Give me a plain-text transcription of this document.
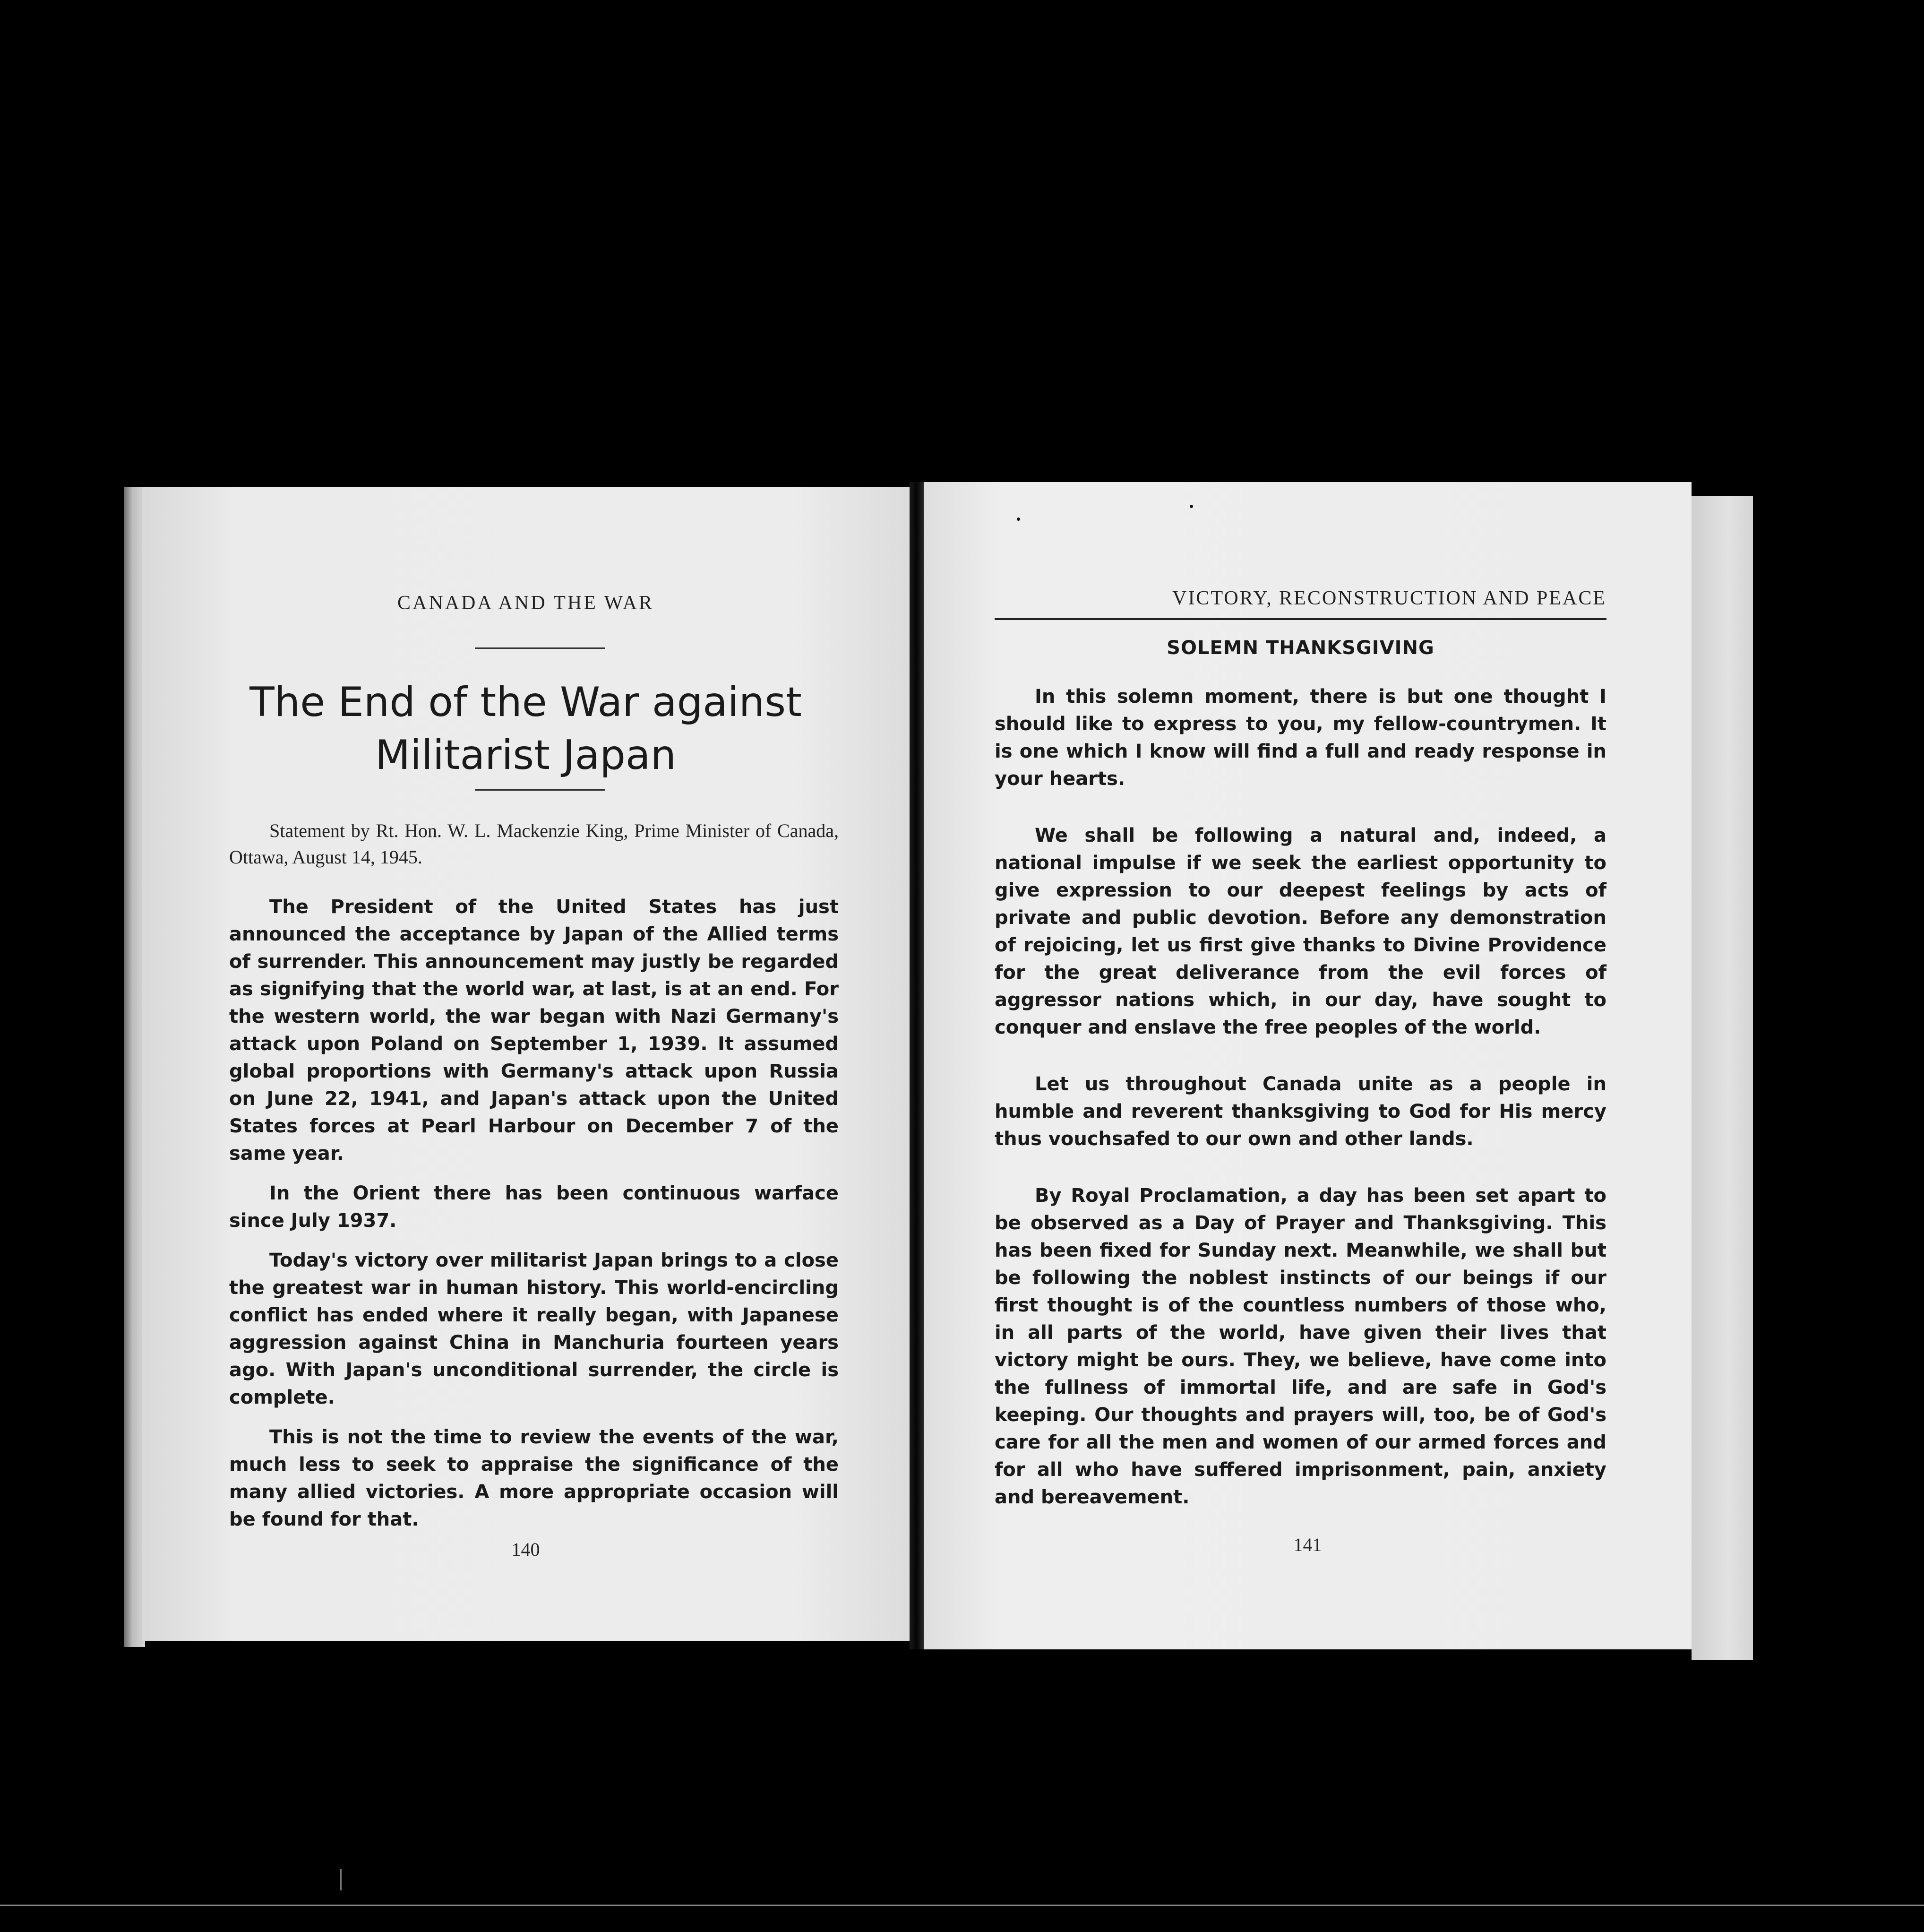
CANADA AND THE WAR
The End of the War against Militarist Japan
Statement by Rt. Hon. W. L. Mackenzie King, Prime Minister of Canada, Ottawa, August 14, 1945.

The President of the United States has just announced the acceptance by Japan of the Allied terms of surrender. This announcement may justly be regarded as signifying that the world war, at last, is at an end. For the western world, the war began with Nazi Germany's attack upon Poland on September 1, 1939. It assumed global proportions with Germany's attack upon Russia on June 22, 1941, and Japan's attack upon the United States forces at Pearl Harbour on December 7 of the same year.

In the Orient there has been continuous warface since July 1937.

Today's victory over militarist Japan brings to a close the greatest war in human history. This world-encircling conflict has ended where it really began, with Japanese aggression against China in Manchuria fourteen years ago. With Japan's unconditional surrender, the circle is complete.

This is not the time to review the events of the war, much less to seek to appraise the significance of the many allied victories. A more appropriate occasion will be found for that.

140
VICTORY, RECONSTRUCTION AND PEACE
SOLEMN THANKSGIVING

In this solemn moment, there is but one thought I should like to express to you, my fellow-countrymen. It is one which I know will find a full and ready response in your hearts.

We shall be following a natural and, indeed, a national impulse if we seek the earliest opportunity to give expression to our deepest feelings by acts of private and public devotion. Before any demonstration of rejoicing, let us first give thanks to Divine Providence for the great deliverance from the evil forces of aggressor nations which, in our day, have sought to conquer and enslave the free peoples of the world.

Let us throughout Canada unite as a people in humble and reverent thanksgiving to God for His mercy thus vouchsafed to our own and other lands.

By Royal Proclamation, a day has been set apart to be observed as a Day of Prayer and Thanksgiving. This has been fixed for Sunday next. Meanwhile, we shall but be following the noblest instincts of our beings if our first thought is of the countless numbers of those who, in all parts of the world, have given their lives that victory might be ours. They, we believe, have come into the fullness of immortal life, and are safe in God's keeping. Our thoughts and prayers will, too, be of God's care for all the men and women of our armed forces and for all who have suffered imprisonment, pain, anxiety and bereavement.

141
